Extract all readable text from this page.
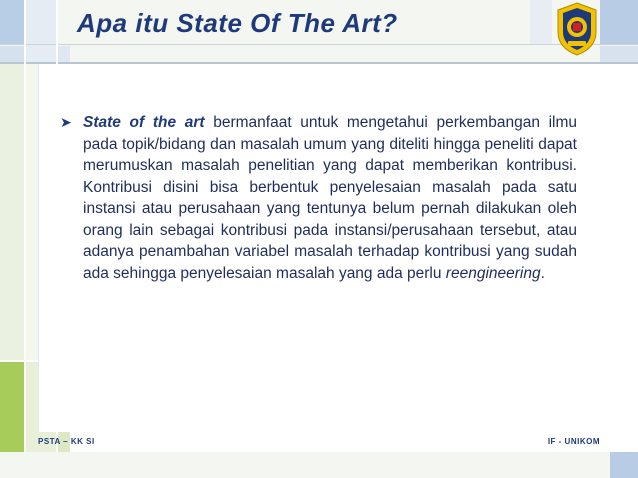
Apa itu State Of The Art?
➤ State of the art bermanfaat untuk mengetahui perkembangan ilmu pada topik/bidang dan masalah umum yang diteliti hingga peneliti dapat merumuskan masalah penelitian yang dapat memberikan kontribusi. Kontribusi disini bisa berbentuk penyelesaian masalah pada satu instansi atau perusahaan yang tentunya belum pernah dilakukan oleh orang lain sebagai kontribusi pada instansi/perusahaan tersebut, atau adanya penambahan variabel masalah terhadap kontribusi yang sudah ada sehingga penyelesaian masalah yang ada perlu reengineering.

PSTA – KK SI	IF - UNIKOM
